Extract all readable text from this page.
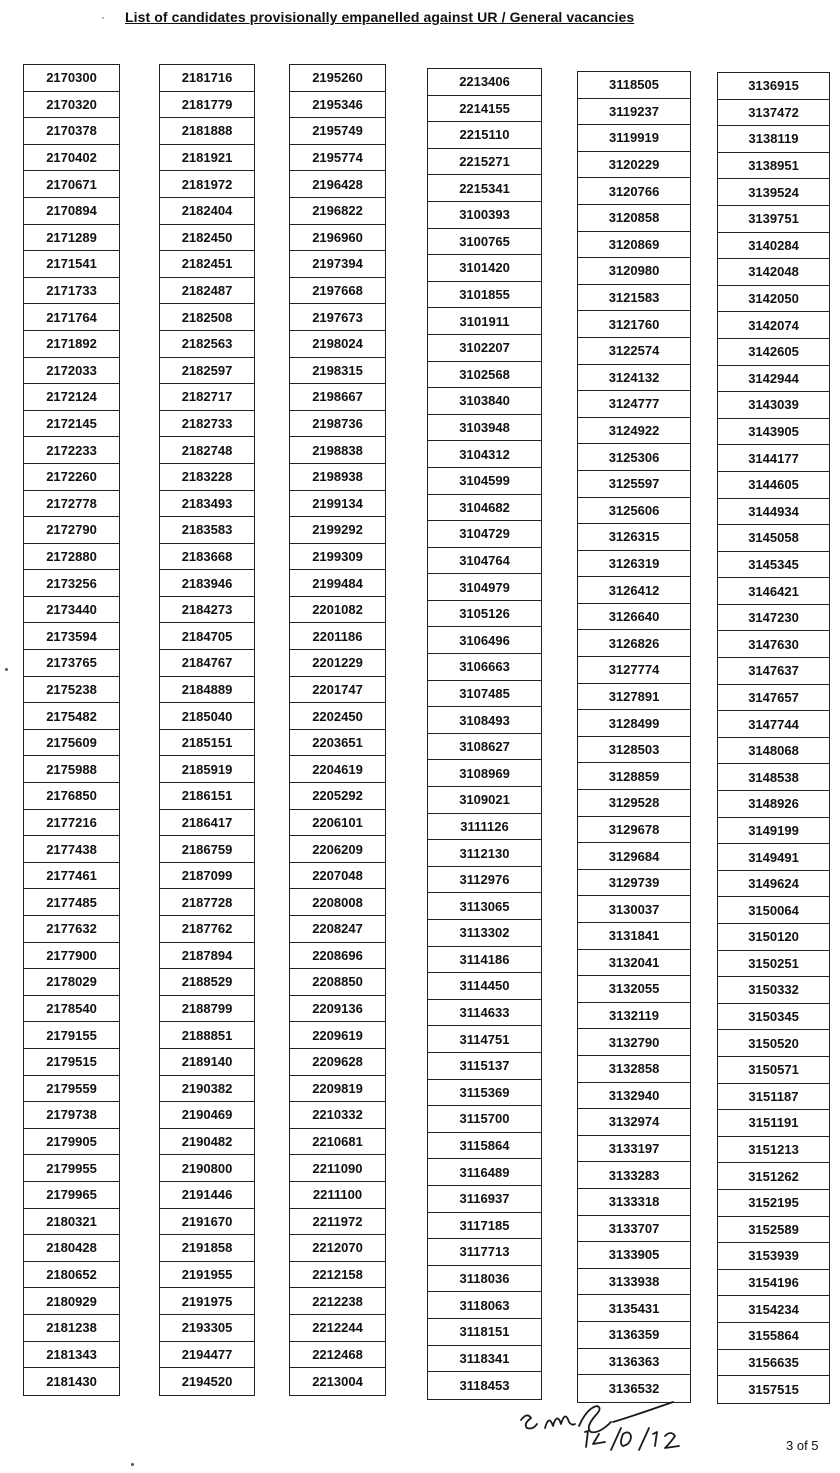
· List of candidates provisionally empanelled against UR / General vacancies
2170300
2170320
2170378
2170402
2170671
2170894
2171289
2171541
2171733
2171764
2171892
2172033
2172124
2172145
2172233
2172260
2172778
2172790
2172880
2173256
2173440
2173594
2173765
2175238
2175482
2175609
2175988
2176850
2177216
2177438
2177461
2177485
2177632
2177900
2178029
2178540
2179155
2179515
2179559
2179738
2179905
2179955
2179965
2180321
2180428
2180652
2180929
2181238
2181343
2181430
2181716
2181779
2181888
2181921
2181972
2182404
2182450
2182451
2182487
2182508
2182563
2182597
2182717
2182733
2182748
2183228
2183493
2183583
2183668
2183946
2184273
2184705
2184767
2184889
2185040
2185151
2185919
2186151
2186417
2186759
2187099
2187728
2187762
2187894
2188529
2188799
2188851
2189140
2190382
2190469
2190482
2190800
2191446
2191670
2191858
2191955
2191975
2193305
2194477
2194520
2195260
2195346
2195749
2195774
2196428
2196822
2196960
2197394
2197668
2197673
2198024
2198315
2198667
2198736
2198838
2198938
2199134
2199292
2199309
2199484
2201082
2201186
2201229
2201747
2202450
2203651
2204619
2205292
2206101
2206209
2207048
2208008
2208247
2208696
2208850
2209136
2209619
2209628
2209819
2210332
2210681
2211090
2211100
2211972
2212070
2212158
2212238
2212244
2212468
2213004
2213406
2214155
2215110
2215271
2215341
3100393
3100765
3101420
3101855
3101911
3102207
3102568
3103840
3103948
3104312
3104599
3104682
3104729
3104764
3104979
3105126
3106496
3106663
3107485
3108493
3108627
3108969
3109021
3111126
3112130
3112976
3113065
3113302
3114186
3114450
3114633
3114751
3115137
3115369
3115700
3115864
3116489
3116937
3117185
3117713
3118036
3118063
3118151
3118341
3118453
3118505
3119237
3119919
3120229
3120766
3120858
3120869
3120980
3121583
3121760
3122574
3124132
3124777
3124922
3125306
3125597
3125606
3126315
3126319
3126412
3126640
3126826
3127774
3127891
3128499
3128503
3128859
3129528
3129678
3129684
3129739
3130037
3131841
3132041
3132055
3132119
3132790
3132858
3132940
3132974
3133197
3133283
3133318
3133707
3133905
3133938
3135431
3136359
3136363
3136532
3136915
3137472
3138119
3138951
3139524
3139751
3140284
3142048
3142050
3142074
3142605
3142944
3143039
3143905
3144177
3144605
3144934
3145058
3145345
3146421
3147230
3147630
3147637
3147657
3147744
3148068
3148538
3148926
3149199
3149491
3149624
3150064
3150120
3150251
3150332
3150345
3150520
3150571
3151187
3151191
3151213
3151262
3152195
3152589
3153939
3154196
3154234
3155864
3156635
3157515
3 of 5
